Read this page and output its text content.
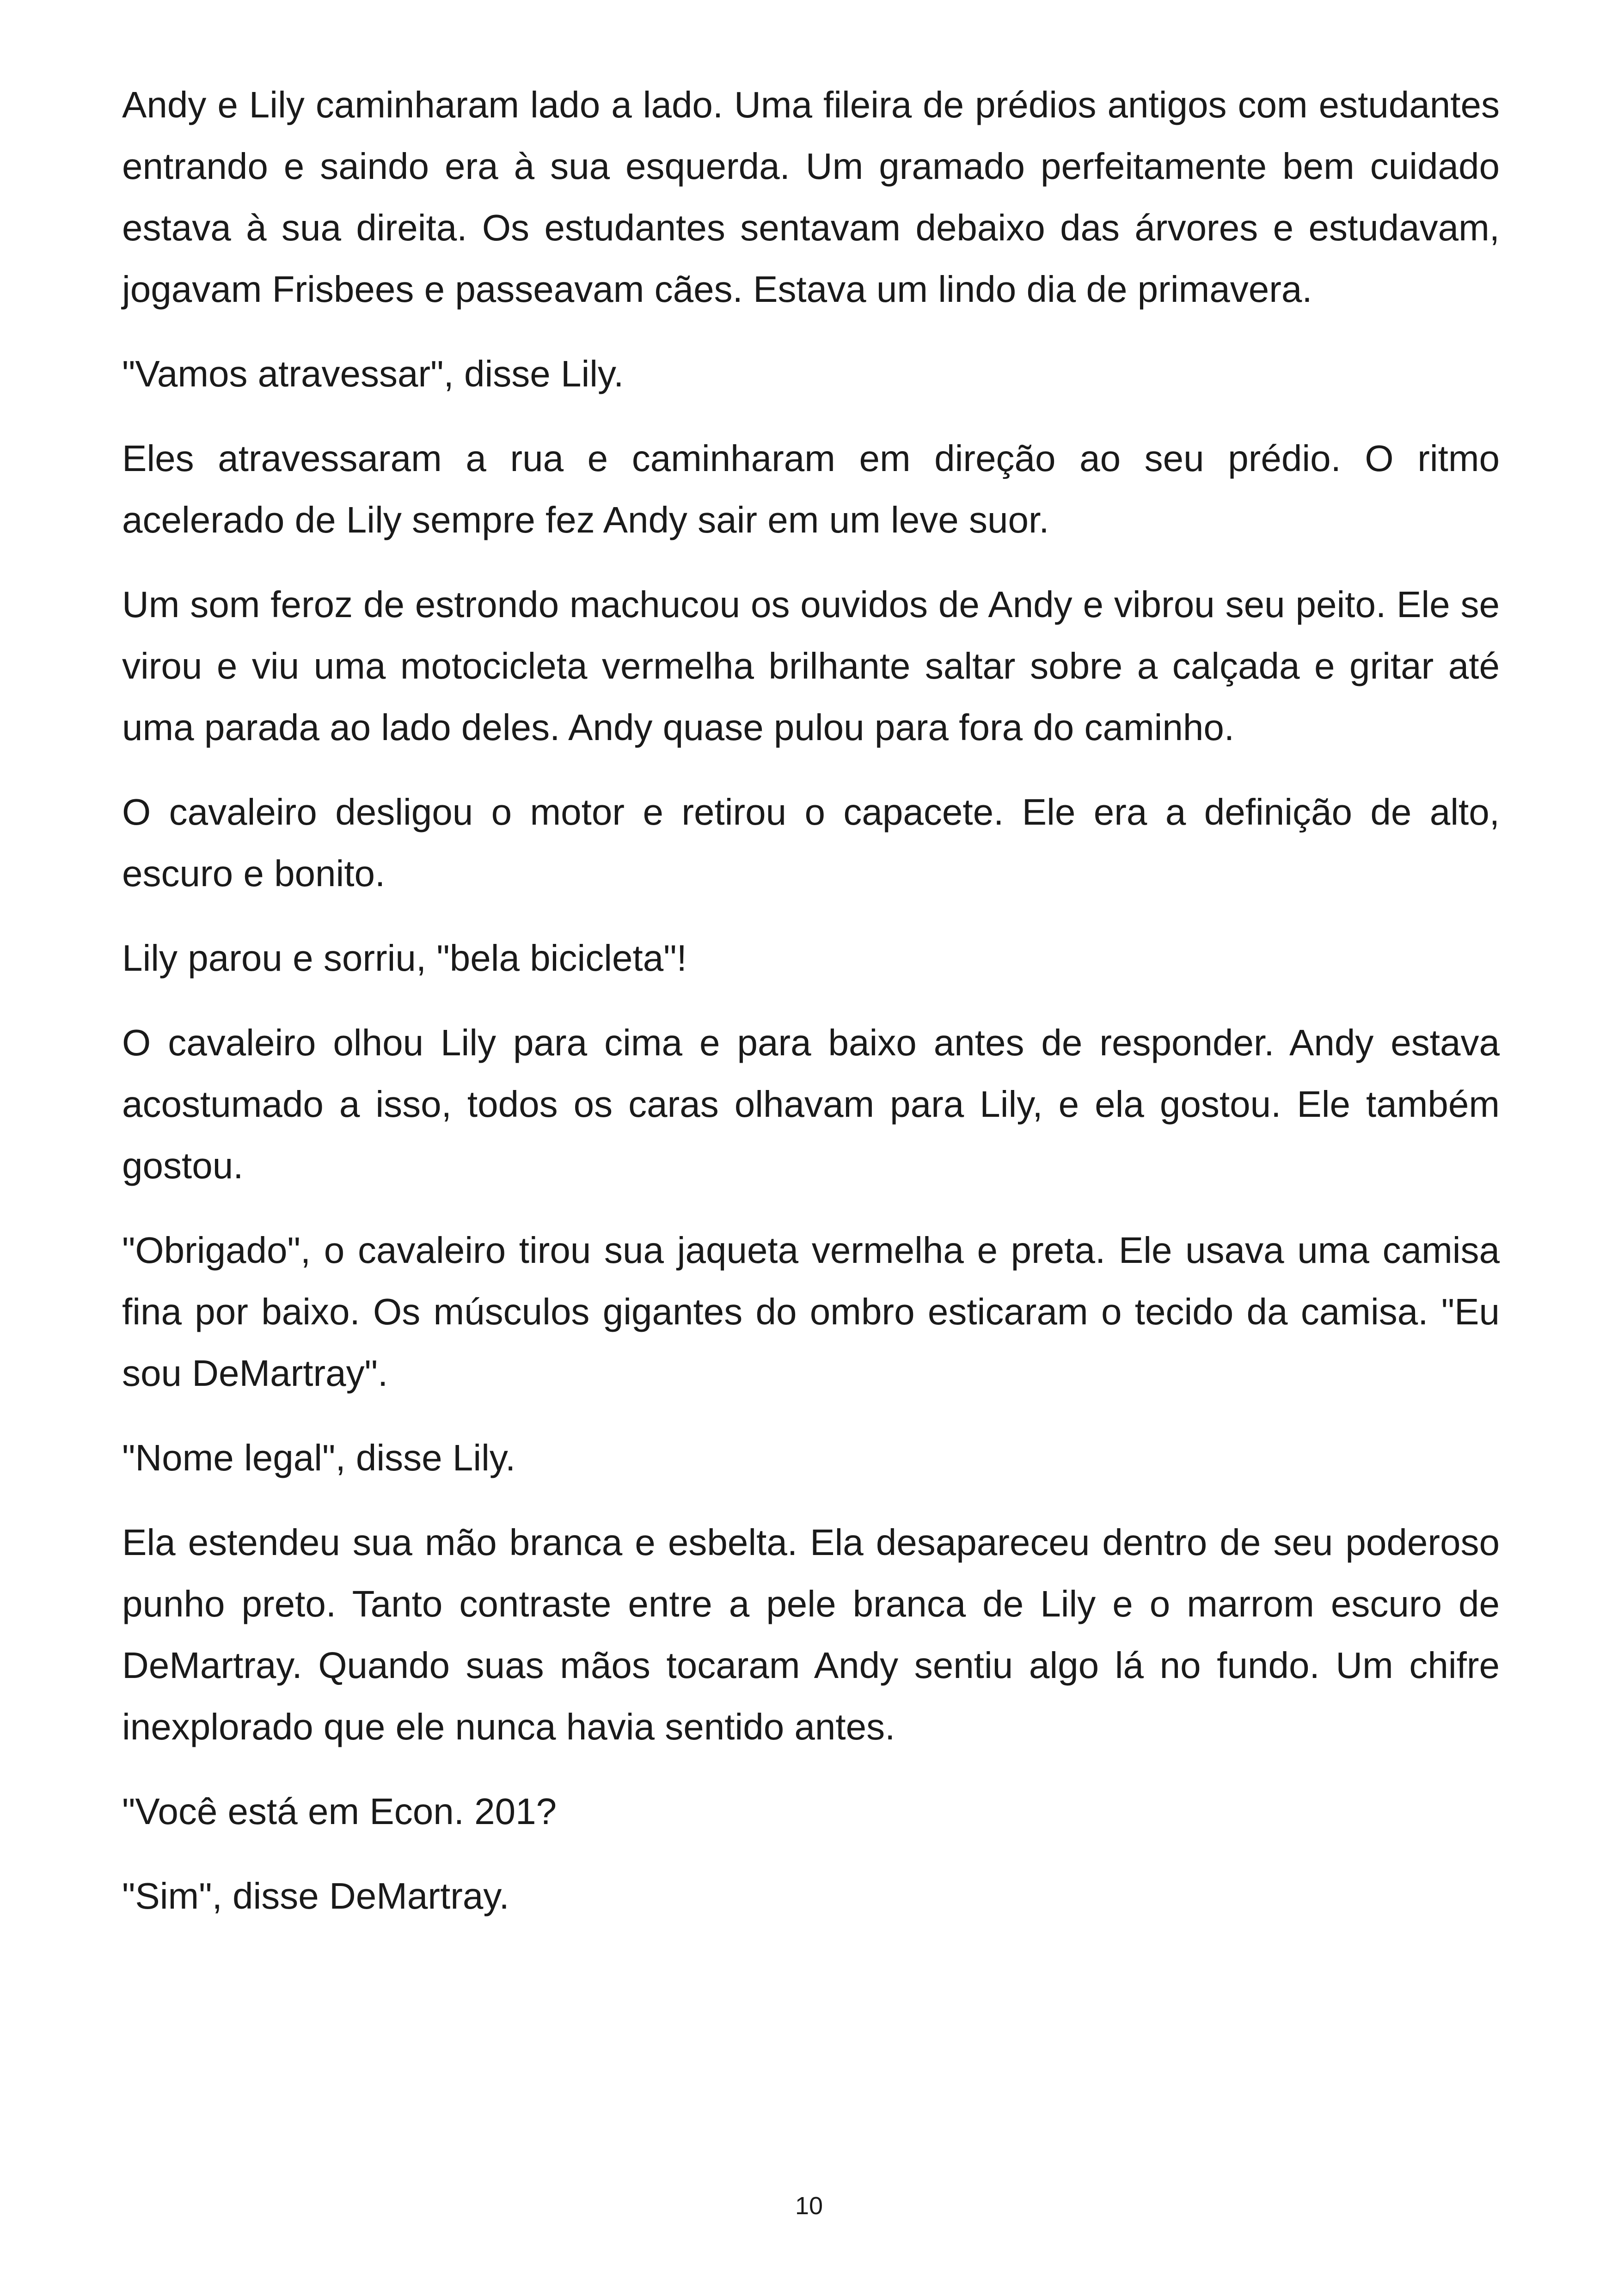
Andy e Lily caminharam lado a lado. Uma fileira de prédios antigos com estudantes entrando e saindo era à sua esquerda. Um gramado perfeitamente bem cuidado estava à sua direita. Os estudantes sentavam debaixo das árvores e estudavam, jogavam Frisbees e passeavam cães. Estava um lindo dia de primavera.

"Vamos atravessar", disse Lily.

Eles atravessaram a rua e caminharam em direção ao seu prédio. O ritmo acelerado de Lily sempre fez Andy sair em um leve suor.

Um som feroz de estrondo machucou os ouvidos de Andy e vibrou seu peito. Ele se virou e viu uma motocicleta vermelha brilhante saltar sobre a calçada e gritar até uma parada ao lado deles. Andy quase pulou para fora do caminho.

O cavaleiro desligou o motor e retirou o capacete. Ele era a definição de alto, escuro e bonito.

Lily parou e sorriu, "bela bicicleta"!

O cavaleiro olhou Lily para cima e para baixo antes de responder. Andy estava acostumado a isso, todos os caras olhavam para Lily, e ela gostou. Ele também gostou.

"Obrigado", o cavaleiro tirou sua jaqueta vermelha e preta. Ele usava uma camisa fina por baixo. Os músculos gigantes do ombro esticaram o tecido da camisa. "Eu sou DeMartray".

"Nome legal", disse Lily.

Ela estendeu sua mão branca e esbelta. Ela desapareceu dentro de seu poderoso punho preto. Tanto contraste entre a pele branca de Lily e o marrom escuro de DeMartray. Quando suas mãos tocaram Andy sentiu algo lá no fundo. Um chifre inexplorado que ele nunca havia sentido antes.

"Você está em Econ. 201?

"Sim", disse DeMartray.

10
